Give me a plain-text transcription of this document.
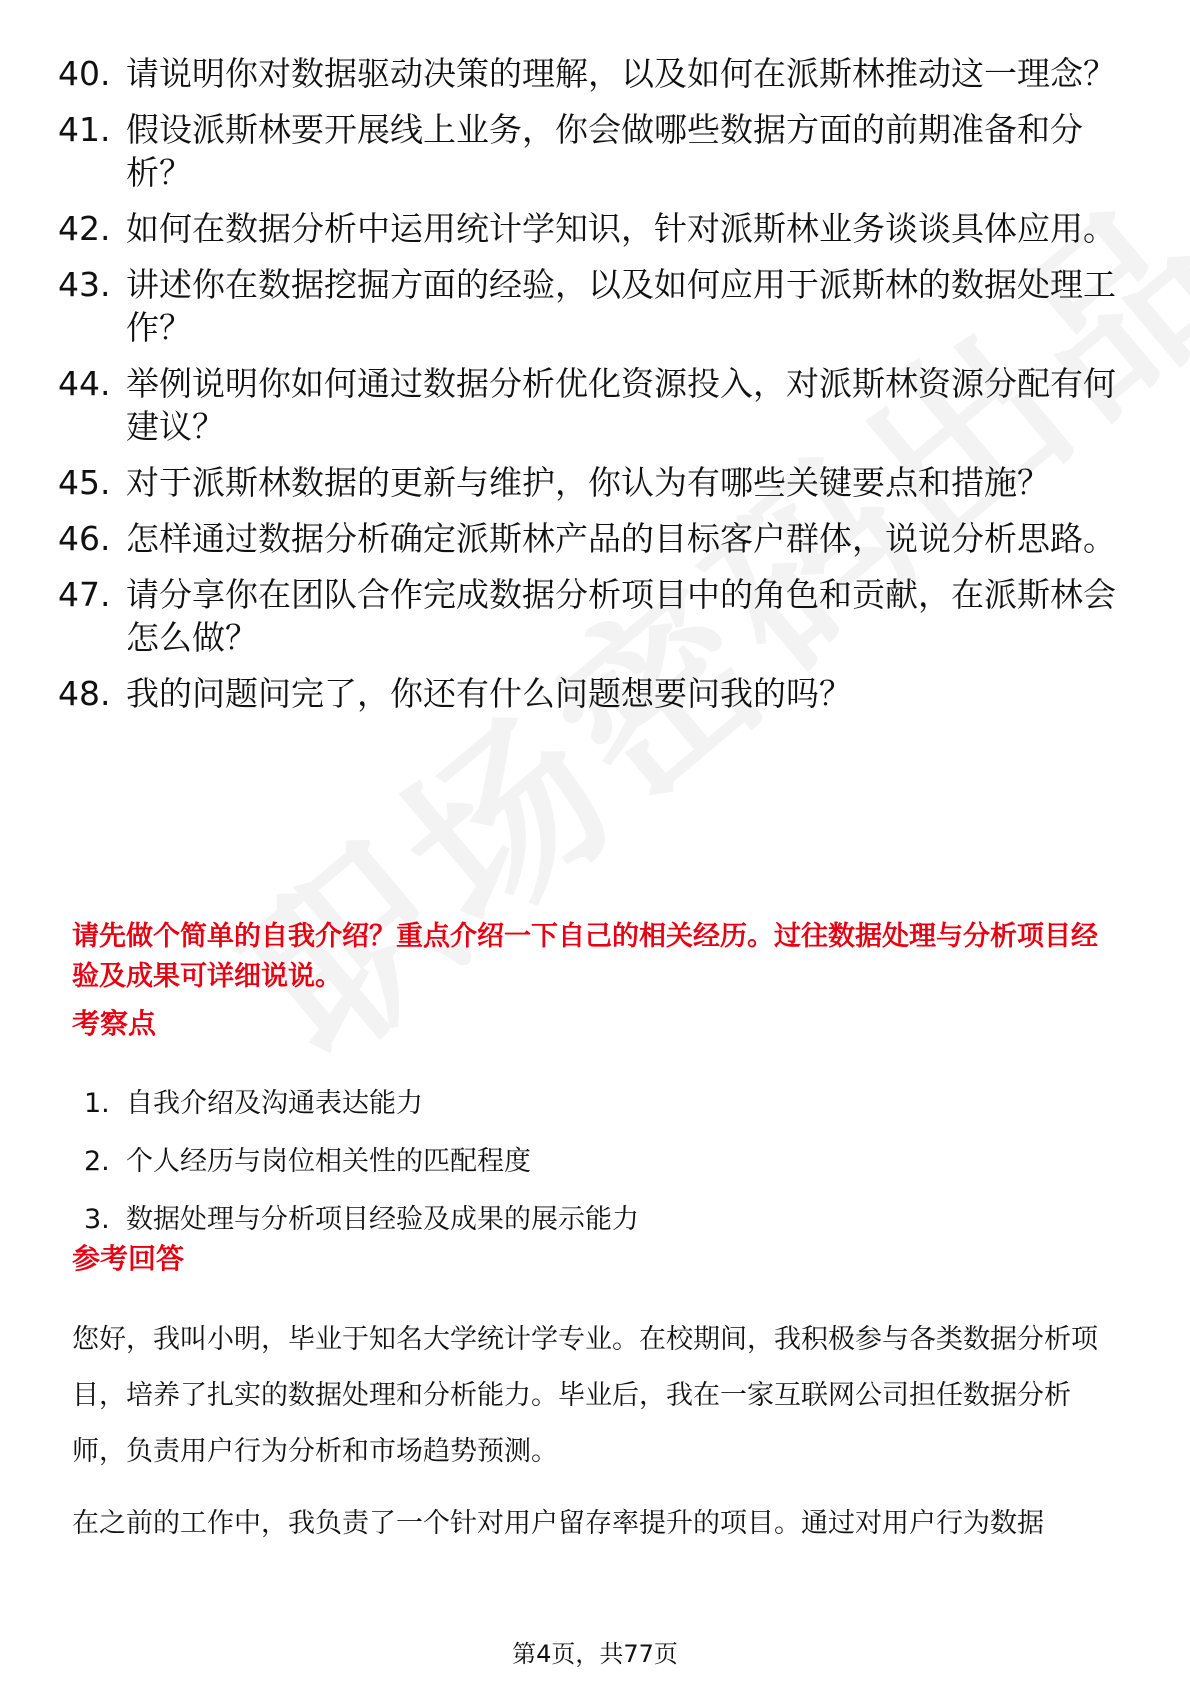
40. 请说明你对数据驱动决策的理解，以及如何在派斯林推动这一理念？
41. 假设派斯林要开展线上业务，你会做哪些数据方面的前期准备和分析？
42. 如何在数据分析中运用统计学知识，针对派斯林业务谈谈具体应用。
43. 讲述你在数据挖掘方面的经验，以及如何应用于派斯林的数据处理工作？
44. 举例说明你如何通过数据分析优化资源投入，对派斯林资源分配有何建议？
45. 对于派斯林数据的更新与维护，你认为有哪些关键要点和措施？
46. 怎样通过数据分析确定派斯林产品的目标客户群体，说说分析思路。
47. 请分享你在团队合作完成数据分析项目中的角色和贡献，在派斯林会怎么做？
48. 我的问题问完了，你还有什么问题想要问我的吗？

请先做个简单的自我介绍？重点介绍一下自己的相关经历。过往数据处理与分析项目经验及成果可详细说说。

考察点
1. 自我介绍及沟通表达能力
2. 个人经历与岗位相关性的匹配程度
3. 数据处理与分析项目经验及成果的展示能力
参考回答

您好，我叫小明，毕业于知名大学统计学专业。在校期间，我积极参与各类数据分析项目，培养了扎实的数据处理和分析能力。毕业后，我在一家互联网公司担任数据分析师，负责用户行为分析和市场趋势预测。

在之前的工作中，我负责了一个针对用户留存率提升的项目。通过对用户行为数据

第4页，共77页
